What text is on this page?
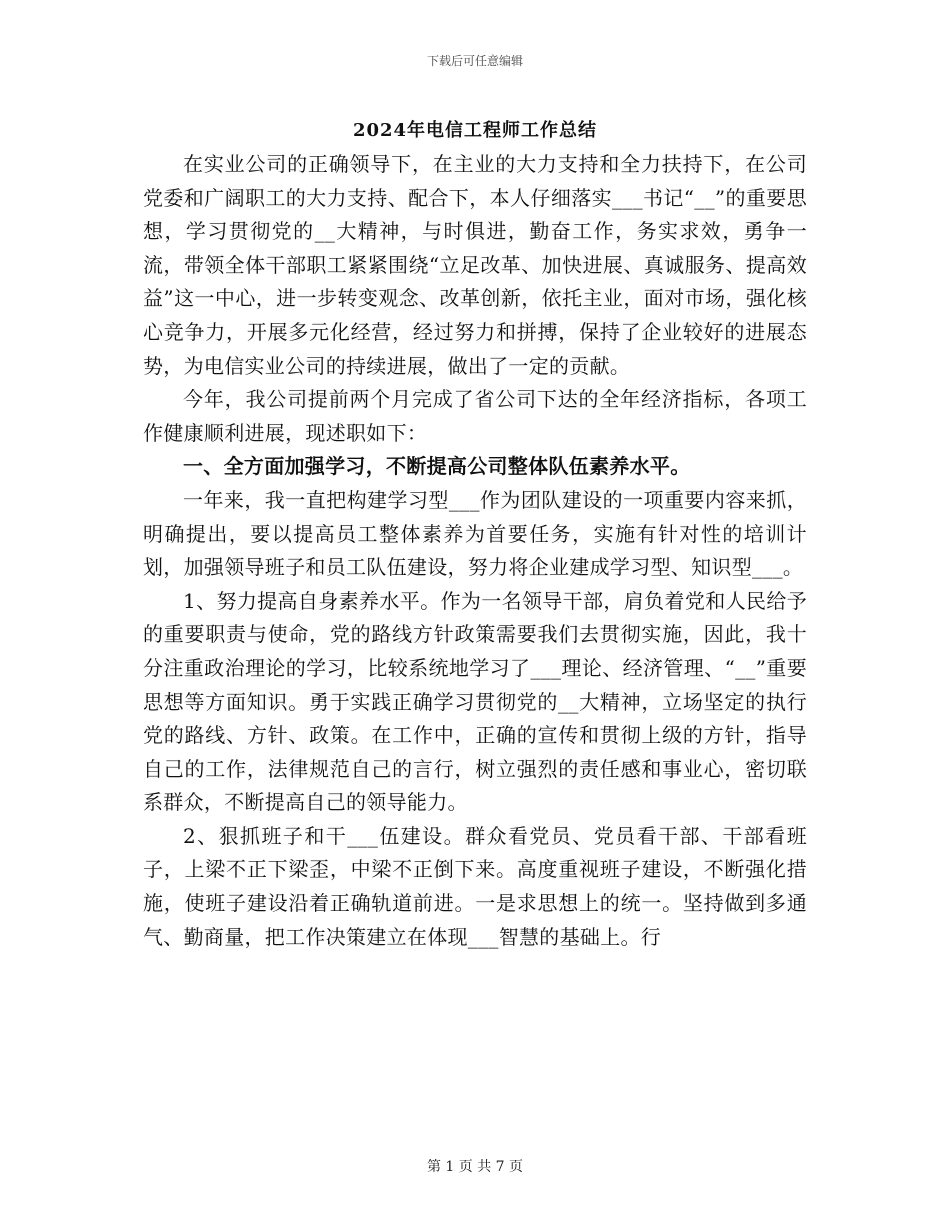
下载后可任意编辑
2024年电信工程师工作总结

在实业公司的正确领导下，在主业的大力支持和全力扶持下，在公司党委和广阔职工的大力支持、配合下，本人仔细落实___书记“__”的重要思想，学习贯彻党的__大精神，与时俱进，勤奋工作，务实求效，勇争一流，带领全体干部职工紧紧围绕“立足改革、加快进展、真诚服务、提高效益”这一中心，进一步转变观念、改革创新，依托主业，面对市场，强化核心竞争力，开展多元化经营，经过努力和拼搏，保持了企业较好的进展态势，为电信实业公司的持续进展，做出了一定的贡献。

今年，我公司提前两个月完成了省公司下达的全年经济指标，各项工作健康顺利进展，现述职如下：

一、全方面加强学习，不断提高公司整体队伍素养水平。

一年来，我一直把构建学习型___作为团队建设的一项重要内容来抓，明确提出，要以提高员工整体素养为首要任务，实施有针对性的培训计划，加强领导班子和员工队伍建设，努力将企业建成学习型、知识型___。

1、努力提高自身素养水平。作为一名领导干部，肩负着党和人民给予的重要职责与使命，党的路线方针政策需要我们去贯彻实施，因此，我十分注重政治理论的学习，比较系统地学习了___理论、经济管理、“__”重要思想等方面知识。勇于实践正确学习贯彻党的__大精神，立场坚定的执行党的路线、方针、政策。在工作中，正确的宣传和贯彻上级的方针，指导自己的工作，法律规范自己的言行，树立强烈的责任感和事业心，密切联系群众，不断提高自己的领导能力。

2、狠抓班子和干___伍建设。群众看党员、党员看干部、干部看班子，上梁不正下梁歪，中梁不正倒下来。高度重视班子建设，不断强化措施，使班子建设沿着正确轨道前进。一是求思想上的统一。坚持做到多通气、勤商量，把工作决策建立在体现___智慧的基础上。行

第 1 页 共 7 页
